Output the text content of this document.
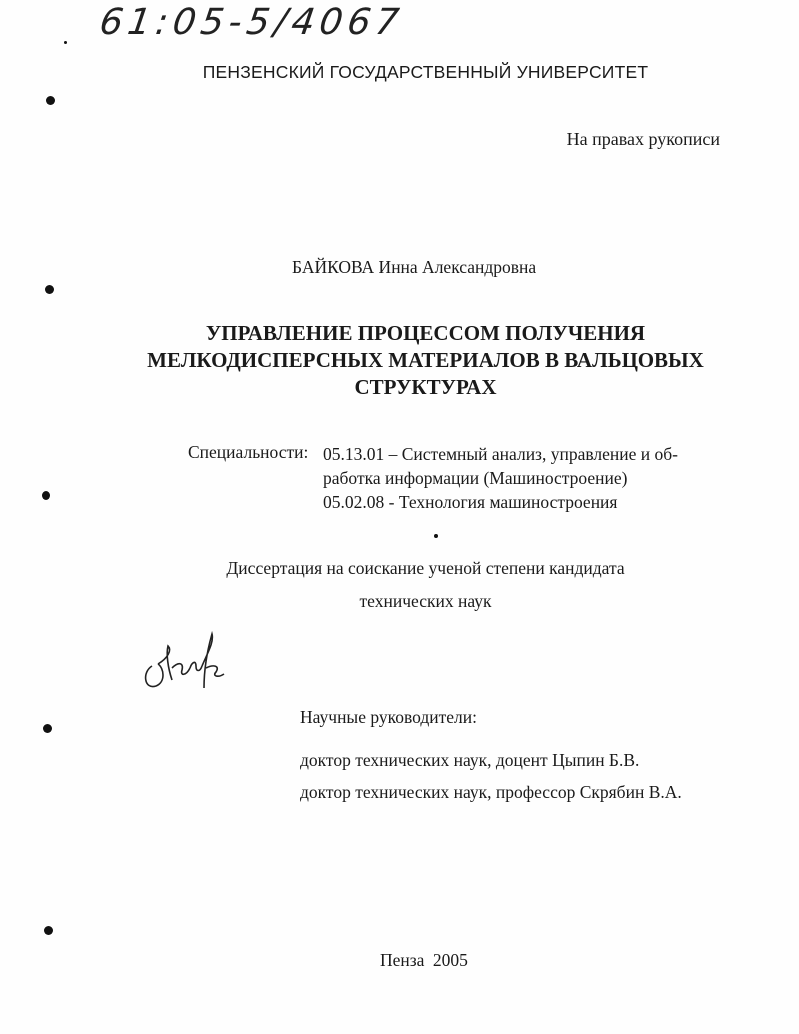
61:05-5/4067
ПЕНЗЕНСКИЙ ГОСУДАРСТВЕННЫЙ УНИВЕРСИТЕТ
На правах рукописи
БАЙКОВА Инна Александровна
УПРАВЛЕНИЕ ПРОЦЕССОМ ПОЛУЧЕНИЯ
МЕЛКОДИСПЕРСНЫХ МАТЕРИАЛОВ В ВАЛЬЦОВЫХ
СТРУКТУРАХ
Специальности: 05.13.01 – Системный анализ, управление и об-
работка информации (Машиностроение)
05.02.08 - Технология машиностроения
Диссертация на соискание ученой степени кандидата
технических наук
Научные руководители:
доктор технических наук, доцент Цыпин Б.В.
доктор технических наук, профессор Скрябин В.А.
Пенза 2005
